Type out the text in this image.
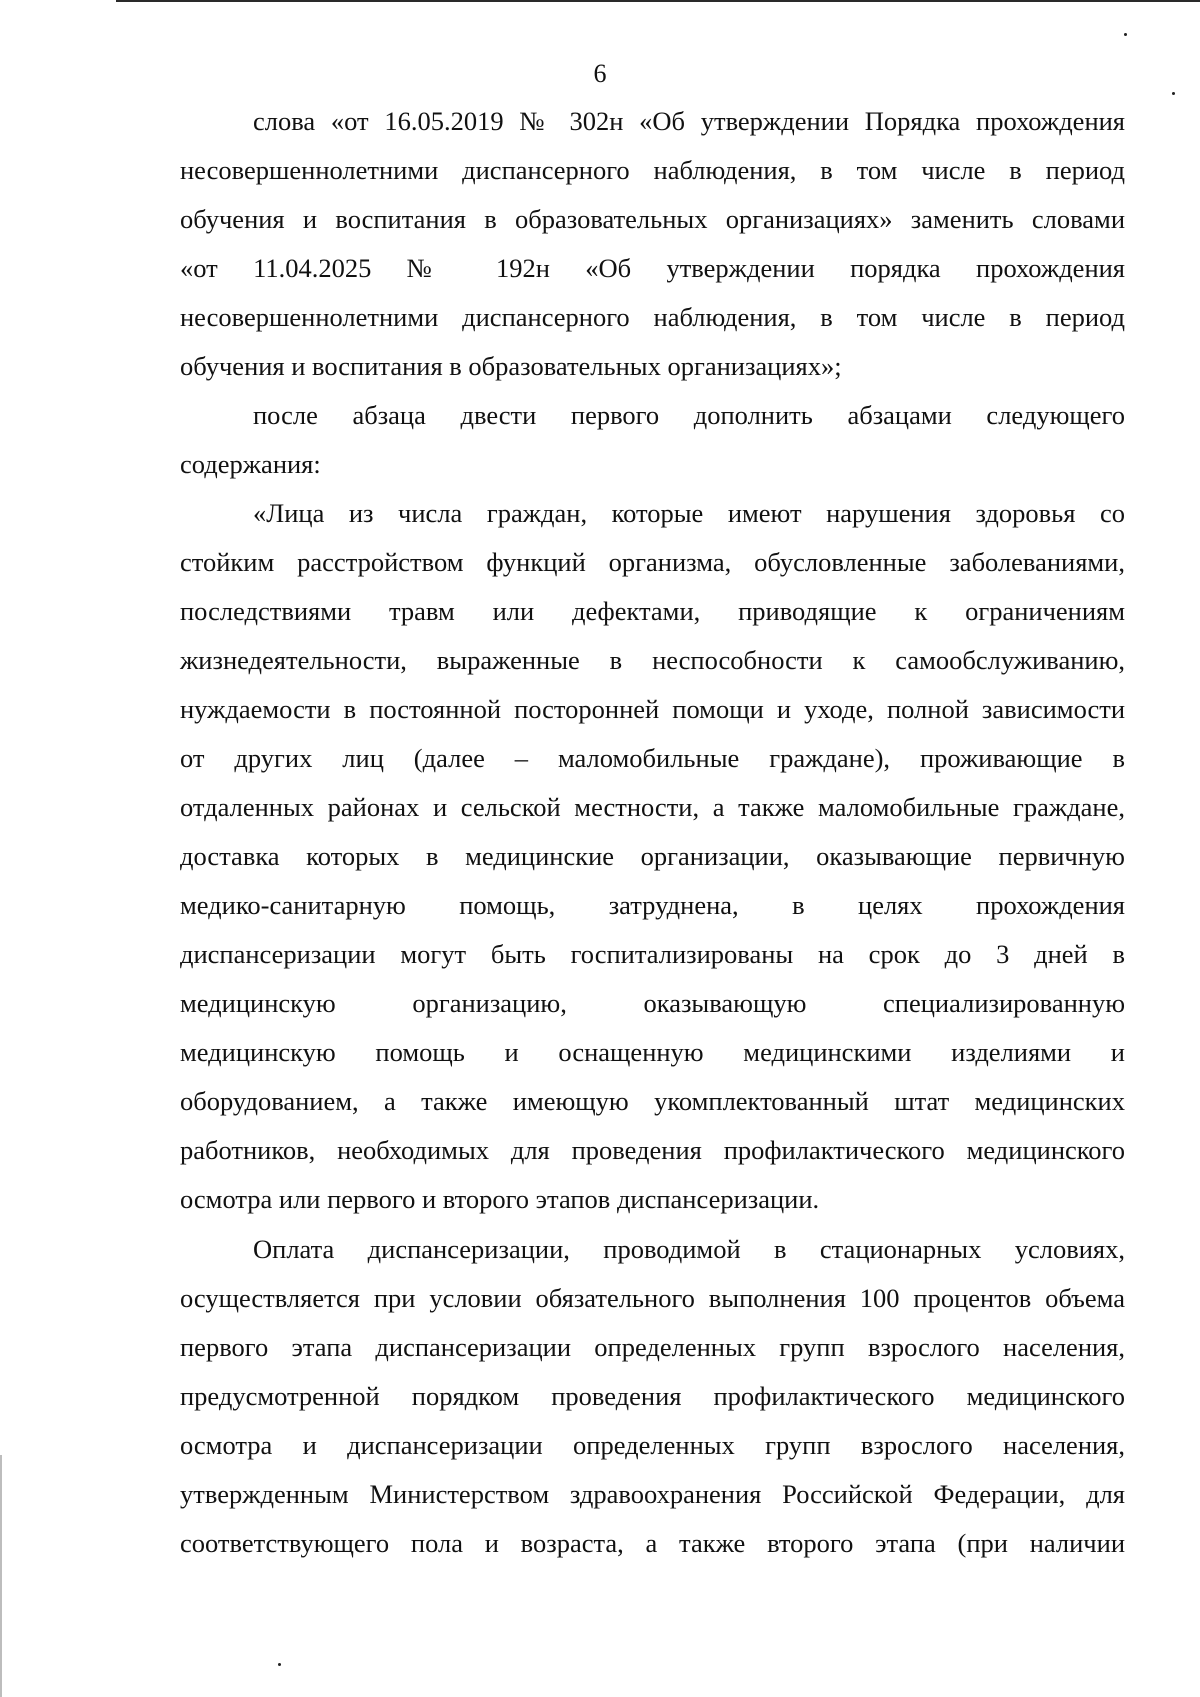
6
слова «от 16.05.2019 № 302н «Об утверждении Порядка прохождения
несовершеннолетними диспансерного наблюдения, в том числе в период
обучения и воспитания в образовательных организациях» заменить словами
«от 11.04.2025 № 192н «Об утверждении порядка прохождения
несовершеннолетними диспансерного наблюдения, в том числе в период
обучения и воспитания в образовательных организациях»;
после абзаца двести первого дополнить абзацами следующего
содержания:
«Лица из числа граждан, которые имеют нарушения здоровья со
стойким расстройством функций организма, обусловленные заболеваниями,
последствиями травм или дефектами, приводящие к ограничениям
жизнедеятельности, выраженные в неспособности к самообслуживанию,
нуждаемости в постоянной посторонней помощи и уходе, полной зависимости
от других лиц (далее – маломобильные граждане), проживающие в
отдаленных районах и сельской местности, а также маломобильные граждане,
доставка которых в медицинские организации, оказывающие первичную
медико-санитарную помощь, затруднена, в целях прохождения
диспансеризации могут быть госпитализированы на срок до 3 дней в
медицинскую организацию, оказывающую специализированную
медицинскую помощь и оснащенную медицинскими изделиями и
оборудованием, а также имеющую укомплектованный штат медицинских
работников, необходимых для проведения профилактического медицинского
осмотра или первого и второго этапов диспансеризации.
Оплата диспансеризации, проводимой в стационарных условиях,
осуществляется при условии обязательного выполнения 100 процентов объема
первого этапа диспансеризации определенных групп взрослого населения,
предусмотренной порядком проведения профилактического медицинского
осмотра и диспансеризации определенных групп взрослого населения,
утвержденным Министерством здравоохранения Российской Федерации, для
соответствующего пола и возраста, а также второго этапа (при наличии
